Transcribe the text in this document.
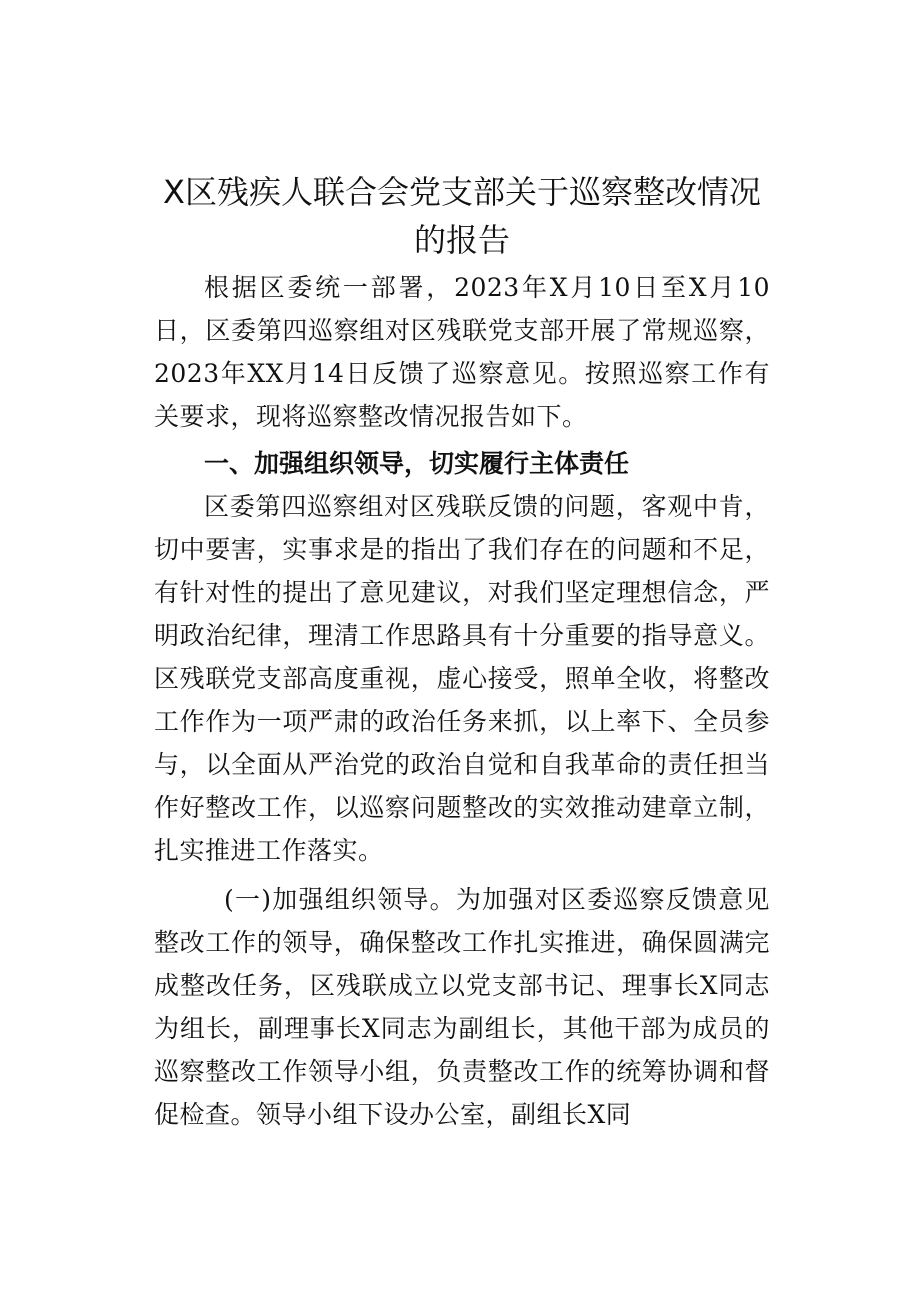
X区残疾人联合会党支部关于巡察整改情况的报告

根据区委统一部署，2023年X月10日至X月10日，区委第四巡察组对区残联党支部开展了常规巡察，2023年XX月14日反馈了巡察意见。按照巡察工作有关要求，现将巡察整改情况报告如下。

一、加强组织领导，切实履行主体责任

区委第四巡察组对区残联反馈的问题，客观中肯，切中要害，实事求是的指出了我们存在的问题和不足，有针对性的提出了意见建议，对我们坚定理想信念，严明政治纪律，理清工作思路具有十分重要的指导意义。区残联党支部高度重视，虚心接受，照单全收，将整改工作作为一项严肃的政治任务来抓，以上率下、全员参与，以全面从严治党的政治自觉和自我革命的责任担当作好整改工作，以巡察问题整改的实效推动建章立制，扎实推进工作落实。

(一)加强组织领导。为加强对区委巡察反馈意见整改工作的领导，确保整改工作扎实推进，确保圆满完成整改任务，区残联成立以党支部书记、理事长X同志为组长，副理事长X同志为副组长，其他干部为成员的巡察整改工作领导小组，负责整改工作的统筹协调和督促检查。领导小组下设办公室，副组长X同
